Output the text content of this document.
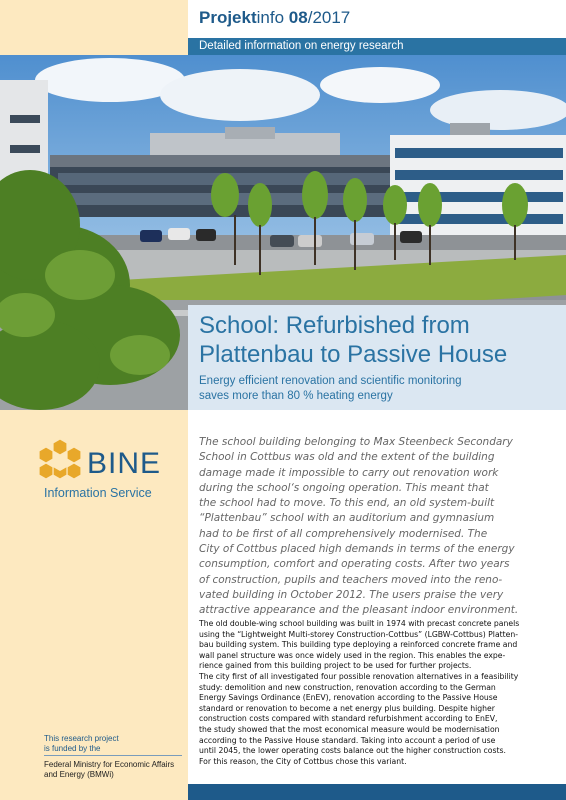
Projektinfo 08/2017
Detailed information on energy research
School: Refurbished from
Plattenbau to Passive House
Energy efficient renovation and scientific monitoring
saves more than 80 % heating energy
BINE
Information Service
This research project
is funded by the
Federal Ministry for Economic Affairs
and Energy (BMWi)
The school building belonging to Max Steenbeck Secondary
School in Cottbus was old and the extent of the building
damage made it impossible to carry out renovation work
during the school‘s ongoing operation. This meant that
the school had to move. To this end, an old system-built
“Plattenbau” school with an auditorium and gymnasium
had to be first of all comprehensively modernised. The
City of Cottbus placed high demands in terms of the energy
consumption, comfort and operating costs. After two years
of construction, pupils and teachers moved into the reno-
vated building in October 2012. The users praise the very
attractive appearance and the pleasant indoor environment.
The old double-wing school building was built in 1974 with precast concrete panels
using the “Lightweight Multi-storey Construction-Cottbus” (LGBW-Cottbus) Platten-
bau building system. This building type deploying a reinforced concrete frame and
wall panel structure was once widely used in the region. This enables the expe-
rience gained from this building project to be used for further projects.
The city first of all investigated four possible renovation alternatives in a feasibility
study: demolition and new construction, renovation according to the German
Energy Savings Ordinance (EnEV), renovation according to the Passive House
standard or renovation to become a net energy plus building. Despite higher
construction costs compared with standard refurbishment according to EnEV,
the study showed that the most economical measure would be modernisation
according to the Passive House standard. Taking into account a period of use
until 2045, the lower operating costs balance out the higher construction costs.
For this reason, the City of Cottbus chose this variant.
